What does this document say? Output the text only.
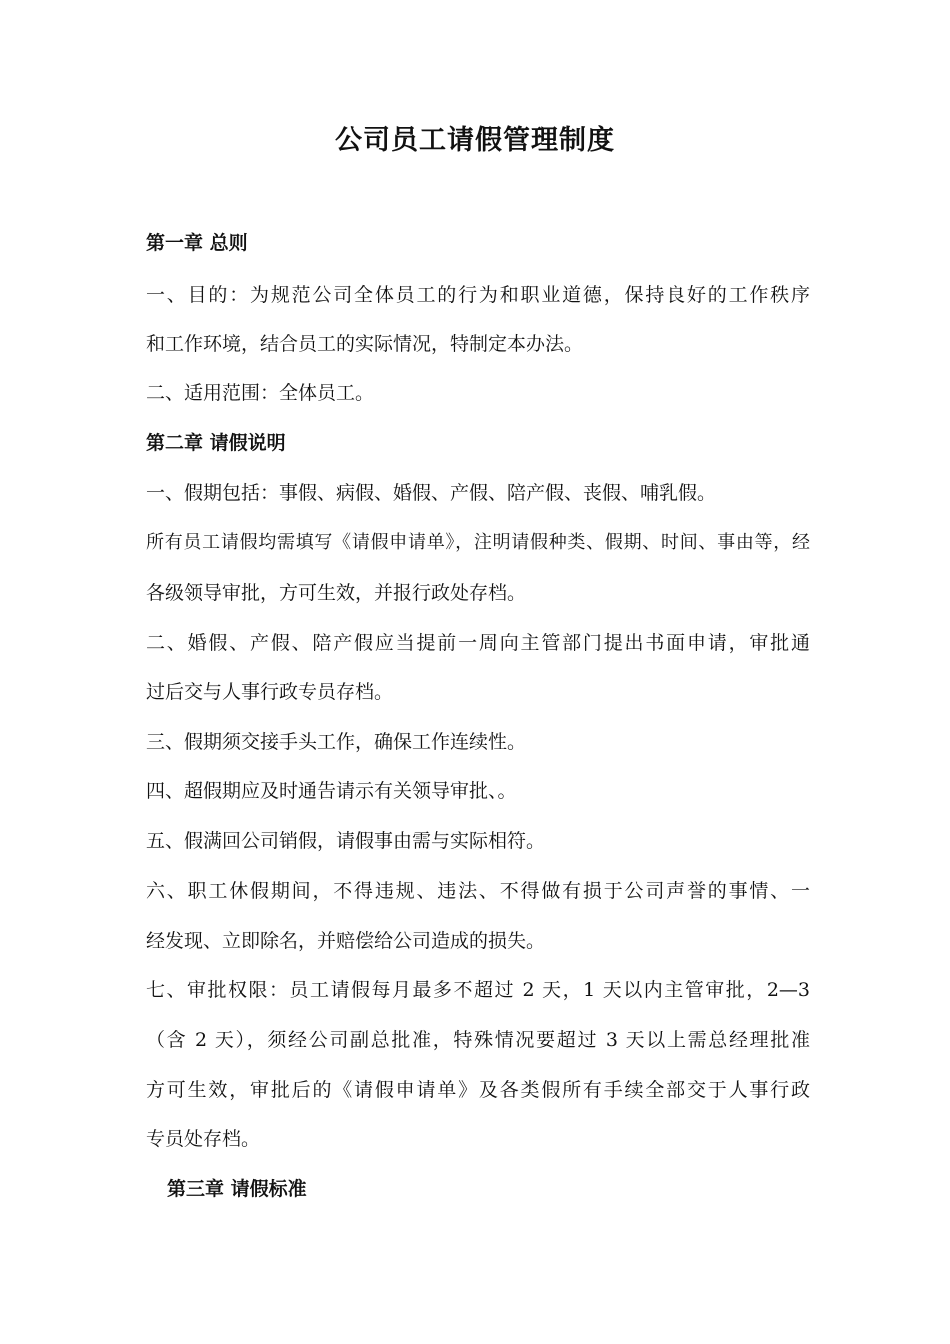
公司员工请假管理制度
第一章 总则

一、目的：为规范公司全体员工的行为和职业道德，保持良好的工作秩序

和工作环境，结合员工的实际情况，特制定本办法。

二、适用范围：全体员工。

第二章 请假说明

一、假期包括：事假、病假、婚假、产假、陪产假、丧假、哺乳假。

所有员工请假均需填写《请假申请单》，注明请假种类、假期、时间、事由等，经

各级领导审批，方可生效，并报行政处存档。

二、婚假、产假、陪产假应当提前一周向主管部门提出书面申请，审批通

过后交与人事行政专员存档。

三、假期须交接手头工作，确保工作连续性。

四、超假期应及时通告请示有关领导审批、。

五、假满回公司销假，请假事由需与实际相符。

六、职工休假期间，不得违规、违法、不得做有损于公司声誉的事情、一

经发现、立即除名，并赔偿给公司造成的损失。

七、审批权限：员工请假每月最多不超过 2 天，1 天以内主管审批，2—3

（含 2 天），须经公司副总批准，特殊情况要超过 3 天以上需总经理批准

方可生效，审批后的《请假申请单》及各类假所有手续全部交于人事行政

专员处存档。

第三章 请假标准
